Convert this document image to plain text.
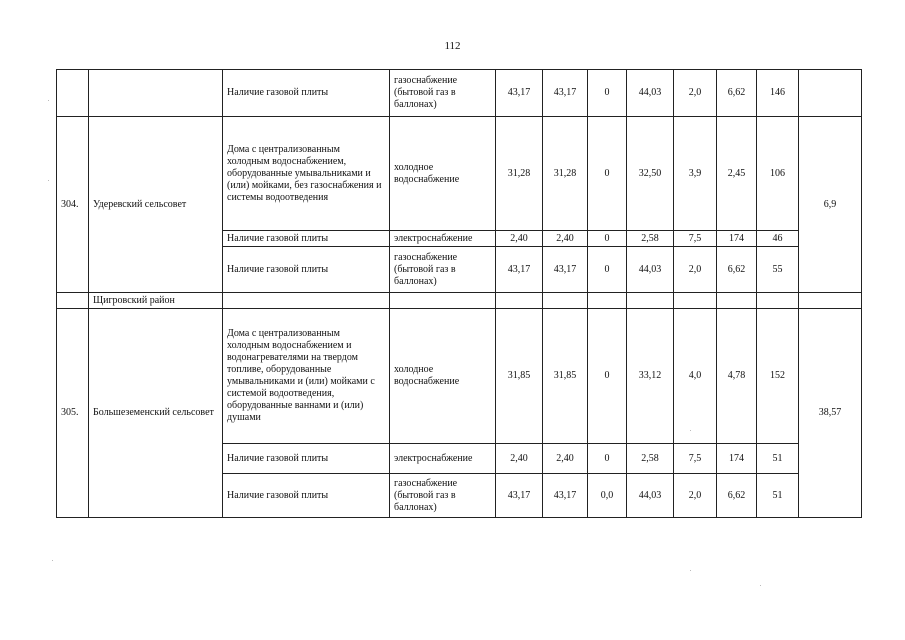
112
		Наличие газовой плиты	газоснабжение (бытовой газ в баллонах)	43,17	43,17	0	44,03	2,0	6,62	146	
304.	Удеревский сельсовет	Дома с централизованным холодным водоснабжением, оборудованные умывальниками и (или) мойками, без газоснабжения и системы водоотведения	холодное водоснабжение	31,28	31,28	0	32,50	3,9	2,45	106	6,9
		Наличие газовой плиты	электроснабжение	2,40	2,40	0	2,58	7,5	174	46	
		Наличие газовой плиты	газоснабжение (бытовой газ в баллонах)	43,17	43,17	0	44,03	2,0	6,62	55	
	Щигровский район										
305.	Большеземенский сельсовет	Дома с централизованным холодным водоснабжением и водонагревателями на твердом топливе, оборудованные умывальниками и (или) мойками с системой водоотведения, оборудованные ваннами и (или) душами	холодное водоснабжение	31,85	31,85	0	33,12	4,0	4,78	152	38,57
		Наличие газовой плиты	электроснабжение	2,40	2,40	0	2,58	7,5	174	51	
		Наличие газовой плиты	газоснабжение (бытовой газ в баллонах)	43,17	43,17	0,0	44,03	2,0	6,62	51	
